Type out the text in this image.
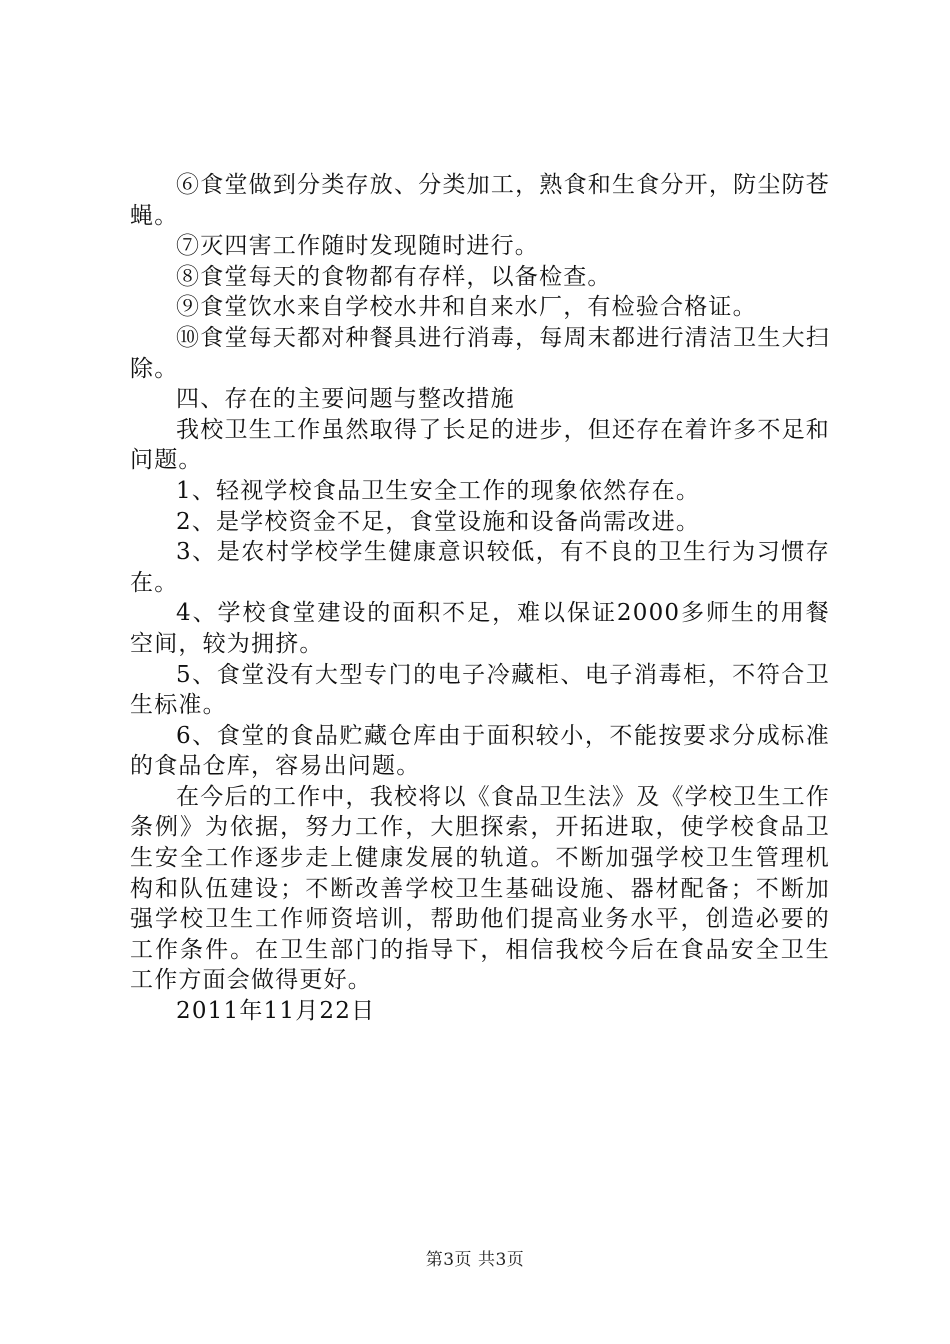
⑥食堂做到分类存放、分类加工，熟食和生食分开，防尘防苍蝇。

⑦灭四害工作随时发现随时进行。

⑧食堂每天的食物都有存样，以备检查。

⑨食堂饮水来自学校水井和自来水厂，有检验合格证。

⑩食堂每天都对种餐具进行消毒，每周末都进行清洁卫生大扫除。

四、存在的主要问题与整改措施

我校卫生工作虽然取得了长足的进步，但还存在着许多不足和问题。

1、轻视学校食品卫生安全工作的现象依然存在。

2、是学校资金不足，食堂设施和设备尚需改进。

3、是农村学校学生健康意识较低，有不良的卫生行为习惯存在。

4、学校食堂建设的面积不足，难以保证2000多师生的用餐空间，较为拥挤。

5、食堂没有大型专门的电子冷藏柜、电子消毒柜，不符合卫生标准。

6、食堂的食品贮藏仓库由于面积较小，不能按要求分成标准的食品仓库，容易出问题。

在今后的工作中，我校将以《食品卫生法》及《学校卫生工作条例》为依据，努力工作，大胆探索，开拓进取，使学校食品卫生安全工作逐步走上健康发展的轨道。不断加强学校卫生管理机构和队伍建设；不断改善学校卫生基础设施、器材配备；不断加强学校卫生工作师资培训，帮助他们提高业务水平，创造必要的工作条件。在卫生部门的指导下，相信我校今后在食品安全卫生工作方面会做得更好。

2011年11月22日

第3页 共3页
